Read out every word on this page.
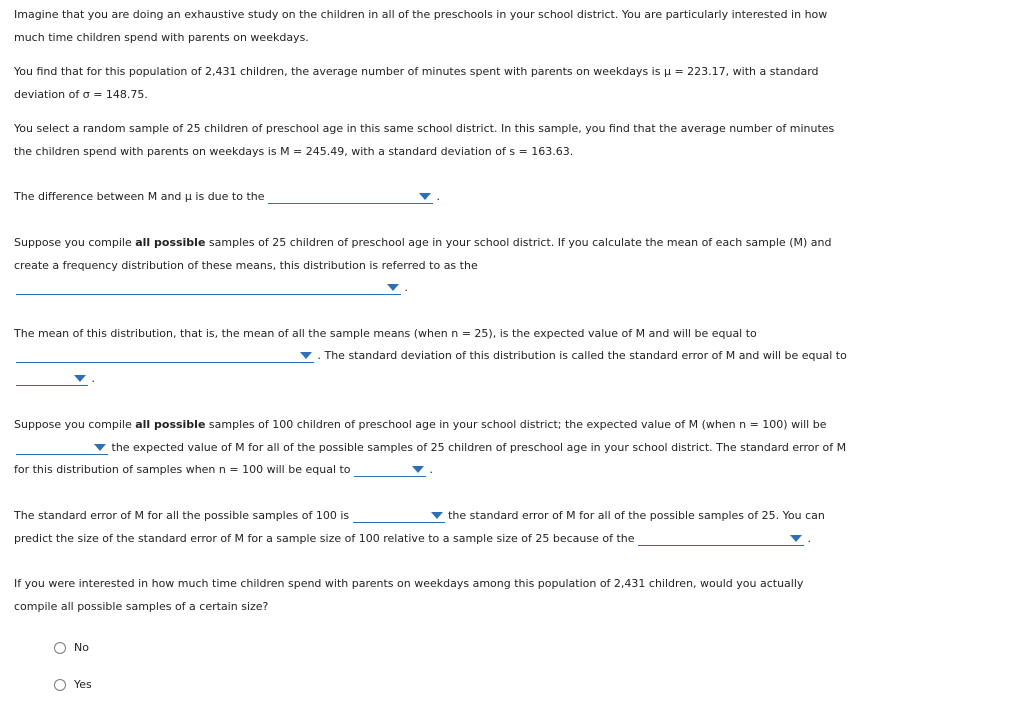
Imagine that you are doing an exhaustive study on the children in all of the preschools in your school district. You are particularly interested in how
much time children spend with parents on weekdays.
You find that for this population of 2,431 children, the average number of minutes spent with parents on weekdays is μ = 223.17, with a standard
deviation of σ = 148.75.
You select a random sample of 25 children of preschool age in this same school district. In this sample, you find that the average number of minutes
the children spend with parents on weekdays is M = 245.49, with a standard deviation of s = 163.63.
The difference between M and μ is due to the	.
Suppose you compile all possible samples of 25 children of preschool age in your school district. If you calculate the mean of each sample (M) and
create a frequency distribution of these means, this distribution is referred to as the
.
The mean of this distribution, that is, the mean of all the sample means (when n = 25), is the expected value of M and will be equal to
. The standard deviation of this distribution is called the standard error of M and will be equal to
.
Suppose you compile all possible samples of 100 children of preschool age in your school district; the expected value of M (when n = 100) will be
the expected value of M for all of the possible samples of 25 children of preschool age in your school district. The standard error of M
for this distribution of samples when n = 100 will be equal to	.
The standard error of M for all the possible samples of 100 is	the standard error of M for all of the possible samples of 25. You can
predict the size of the standard error of M for a sample size of 100 relative to a sample size of 25 because of the	.
If you were interested in how much time children spend with parents on weekdays among this population of 2,431 children, would you actually
compile all possible samples of a certain size?
No
Yes
